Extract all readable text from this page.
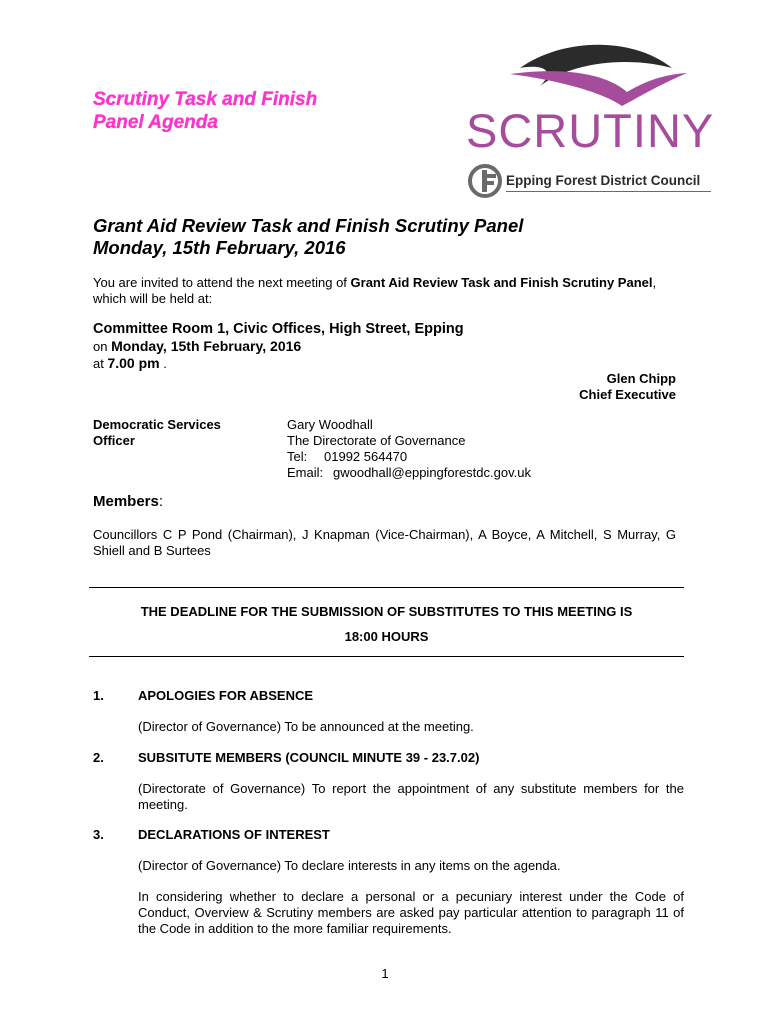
Scrutiny Task and Finish
Panel Agenda	SCRUTINY
Epping Forest District Council
Grant Aid Review Task and Finish Scrutiny Panel
Monday, 15th February, 2016
You are invited to attend the next meeting of Grant Aid Review Task and Finish Scrutiny Panel, which will be held at:
Committee Room 1, Civic Offices, High Street, Epping
on Monday, 15th February, 2016
at 7.00 pm .
Glen Chipp
Chief Executive
Democratic Services
Officer
Gary Woodhall
The Directorate of Governance
Tel: 01992 564470
Email: gwoodhall@eppingforestdc.gov.uk
Members:
Councillors C P Pond (Chairman), J Knapman (Vice-Chairman), A Boyce, A Mitchell, S Murray, G Shiell and B Surtees
THE DEADLINE FOR THE SUBMISSION OF SUBSTITUTES TO THIS MEETING IS
18:00 HOURS
1.	APOLOGIES FOR ABSENCE
(Director of Governance) To be announced at the meeting.
2.	SUBSITUTE MEMBERS (COUNCIL MINUTE 39 - 23.7.02)
(Directorate of Governance) To report the appointment of any substitute members for the meeting.
3.	DECLARATIONS OF INTEREST
(Director of Governance) To declare interests in any items on the agenda.
In considering whether to declare a personal or a pecuniary interest under the Code of Conduct, Overview & Scrutiny members are asked pay particular attention to paragraph 11 of the Code in addition to the more familiar requirements.
1
